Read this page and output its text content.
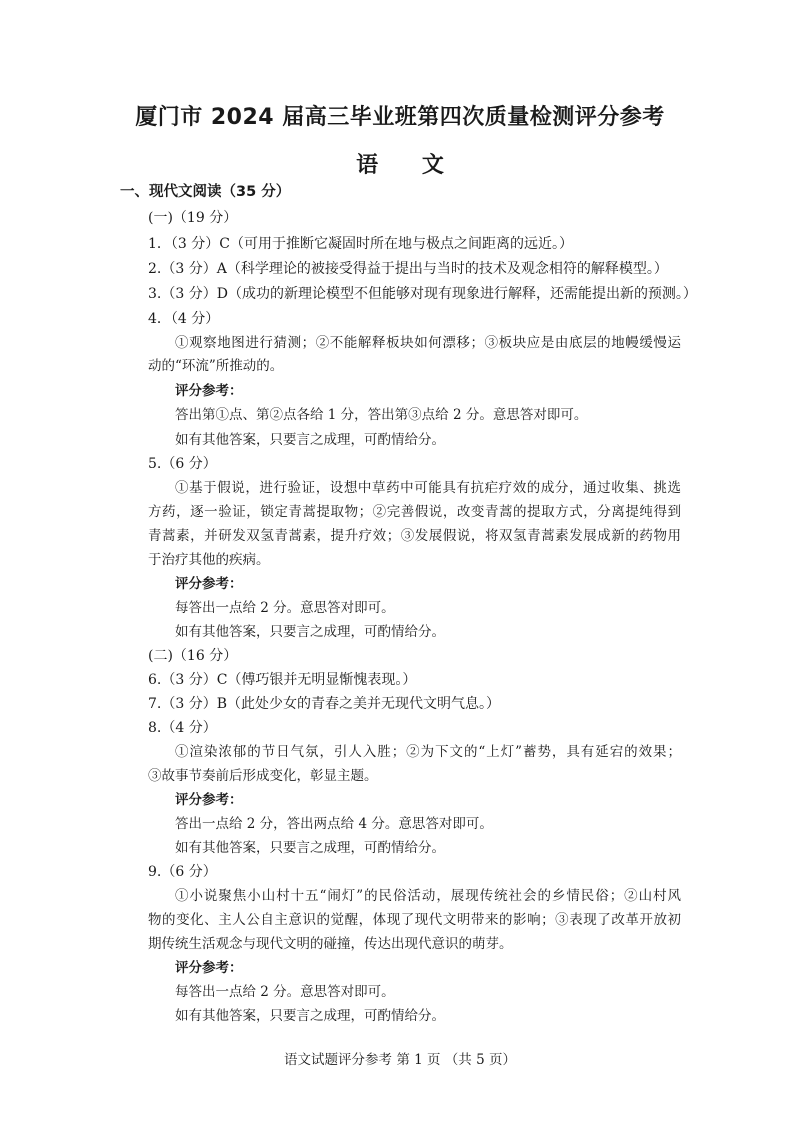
厦门市 2024 届高三毕业班第四次质量检测评分参考
语 文
一、现代文阅读（35 分）
(一)（19 分）
1．（3 分）C（可用于推断它凝固时所在地与极点之间距离的远近。）
2.（3 分）A（科学理论的被接受得益于提出与当时的技术及观念相符的解释模型。）
3.（3 分）D（成功的新理论模型不但能够对现有现象进行解释，还需能提出新的预测。）
4．（4 分）
①观察地图进行猜测；②不能解释板块如何漂移；③板块应是由底层的地幔缓慢运
动的“环流”所推动的。
评分参考：
答出第①点、第②点各给 1 分，答出第③点给 2 分。意思答对即可。
如有其他答案，只要言之成理，可酌情给分。
5.（6 分）
①基于假说，进行验证，设想中草药中可能具有抗疟疗效的成分，通过收集、挑选
方药，逐一验证，锁定青蒿提取物；②完善假说，改变青蒿的提取方式，分离提纯得到
青蒿素，并研发双氢青蒿素，提升疗效；③发展假说，将双氢青蒿素发展成新的药物用
于治疗其他的疾病。
评分参考：
每答出一点给 2 分。意思答对即可。
如有其他答案，只要言之成理，可酌情给分。
(二)（16 分）
6.（3 分）C（傅巧银并无明显惭愧表现。）
7.（3 分）B（此处少女的青春之美并无现代文明气息。）
8.（4 分）
①渲染浓郁的节日气氛，引人入胜；②为下文的“上灯”蓄势，具有延宕的效果；
③故事节奏前后形成变化，彰显主题。
评分参考：
答出一点给 2 分，答出两点给 4 分。意思答对即可。
如有其他答案，只要言之成理，可酌情给分。
9.（6 分）
①小说聚焦小山村十五“闹灯”的民俗活动，展现传统社会的乡情民俗；②山村风
物的变化、主人公自主意识的觉醒，体现了现代文明带来的影响；③表现了改革开放初
期传统生活观念与现代文明的碰撞，传达出现代意识的萌芽。
评分参考：
每答出一点给 2 分。意思答对即可。
如有其他答案，只要言之成理，可酌情给分。

语文试题评分参考 第 1 页 （共 5 页）
